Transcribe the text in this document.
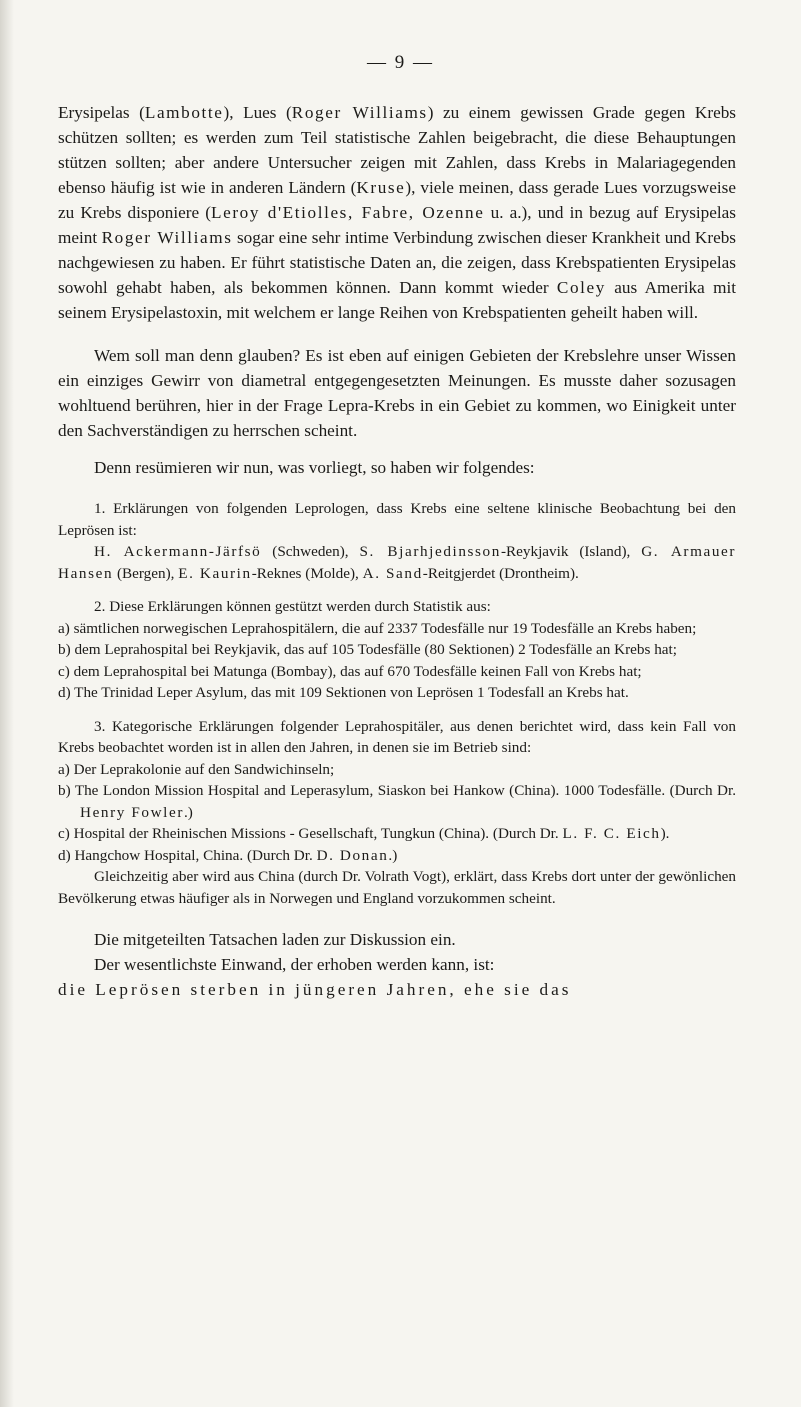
— 9 —

Erysipelas (Lambotte), Lues (Roger Williams) zu einem gewissen Grade gegen Krebs schützen sollten; es werden zum Teil statistische Zahlen beigebracht, die diese Behauptungen stützen sollten; aber andere Untersucher zeigen mit Zahlen, dass Krebs in Malariagegenden ebenso häufig ist wie in anderen Ländern (Kruse), viele meinen, dass gerade Lues vorzugsweise zu Krebs disponiere (Leroy d'Etiolles, Fabre, Ozenne u. a.), und in bezug auf Erysipelas meint Roger Williams sogar eine sehr intime Verbindung zwischen dieser Krankheit und Krebs nachgewiesen zu haben. Er führt statistische Daten an, die zeigen, dass Krebspatienten Erysipelas sowohl gehabt haben, als bekommen können. Dann kommt wieder Coley aus Amerika mit seinem Erysipelastoxin, mit welchem er lange Reihen von Krebspatienten geheilt haben will.

Wem soll man denn glauben? Es ist eben auf einigen Gebieten der Krebslehre unser Wissen ein einziges Gewirr von diametral entgegengesetzten Meinungen. Es musste daher sozusagen wohltuend berühren, hier in der Frage Lepra-Krebs in ein Gebiet zu kommen, wo Einigkeit unter den Sachverständigen zu herrschen scheint.

Denn resümieren wir nun, was vorliegt, so haben wir folgendes:

1. Erklärungen von folgenden Leprologen, dass Krebs eine seltene klinische Beobachtung bei den Leprösen ist:

H. Ackermann-Järfsö (Schweden), S. Bjarhjedinsson-Reykjavik (Island), G. Armauer Hansen (Bergen), E. Kaurin-Reknes (Molde), A. Sand-Reitgjerdet (Drontheim).

2. Diese Erklärungen können gestützt werden durch Statistik aus:

a) sämtlichen norwegischen Leprahospitälern, die auf 2337 Todesfälle nur 19 Todesfälle an Krebs haben;

b) dem Leprahospital bei Reykjavik, das auf 105 Todesfälle (80 Sektionen) 2 Todesfälle an Krebs hat;

c) dem Leprahospital bei Matunga (Bombay), das auf 670 Todesfälle keinen Fall von Krebs hat;

d) The Trinidad Leper Asylum, das mit 109 Sektionen von Leprösen 1 Todesfall an Krebs hat.

3. Kategorische Erklärungen folgender Leprahospitäler, aus denen berichtet wird, dass kein Fall von Krebs beobachtet worden ist in allen den Jahren, in denen sie im Betrieb sind:

a) Der Leprakolonie auf den Sandwichinseln;

b) The London Mission Hospital and Leperasylum, Siaskon bei Hankow (China). 1000 Todesfälle. (Durch Dr. Henry Fowler.)

c) Hospital der Rheinischen Missions - Gesellschaft, Tungkun (China). (Durch Dr. L. F. C. Eich).

d) Hangchow Hospital, China. (Durch Dr. D. Donan.)

Gleichzeitig aber wird aus China (durch Dr. Volrath Vogt), erklärt, dass Krebs dort unter der gewönlichen Bevölkerung etwas häufiger als in Norwegen und England vorzukommen scheint.

Die mitgeteilten Tatsachen laden zur Diskussion ein.

Der wesentlichste Einwand, der erhoben werden kann, ist:

die Leprösen sterben in jüngeren Jahren, ehe sie das
